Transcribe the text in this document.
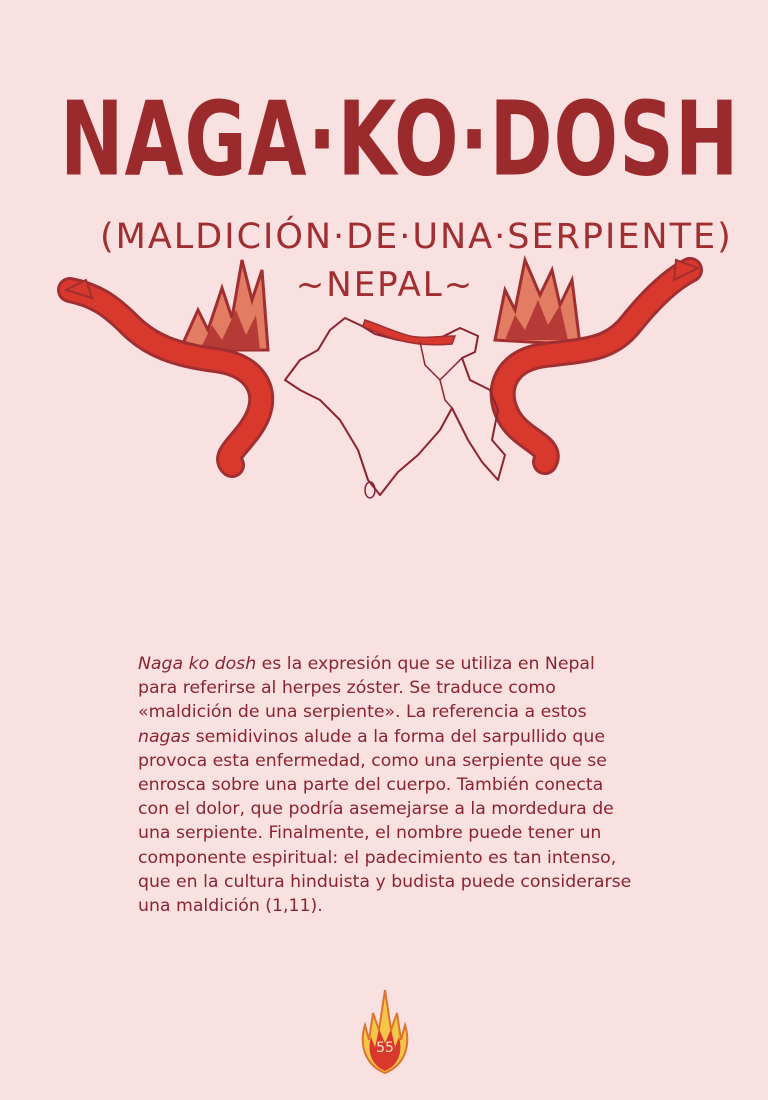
NAGA·KO·DOSH
(MALDICIÓN·DE·UNA·SERPIENTE)
~NEPAL~

Naga ko dosh es la expresión que se utiliza en Nepal para referirse al herpes zóster. Se traduce como «maldición de una serpiente». La referencia a estos nagas semidivinos alude a la forma del sarpullido que provoca esta enfermedad, como una serpiente que se enrosca sobre una parte del cuerpo. También conecta con el dolor, que podría asemejarse a la mordedura de una serpiente. Finalmente, el nombre puede tener un componente espiritual: el padecimiento es tan intenso, que en la cultura hinduista y budista puede considerarse una maldición (1,11).

55
